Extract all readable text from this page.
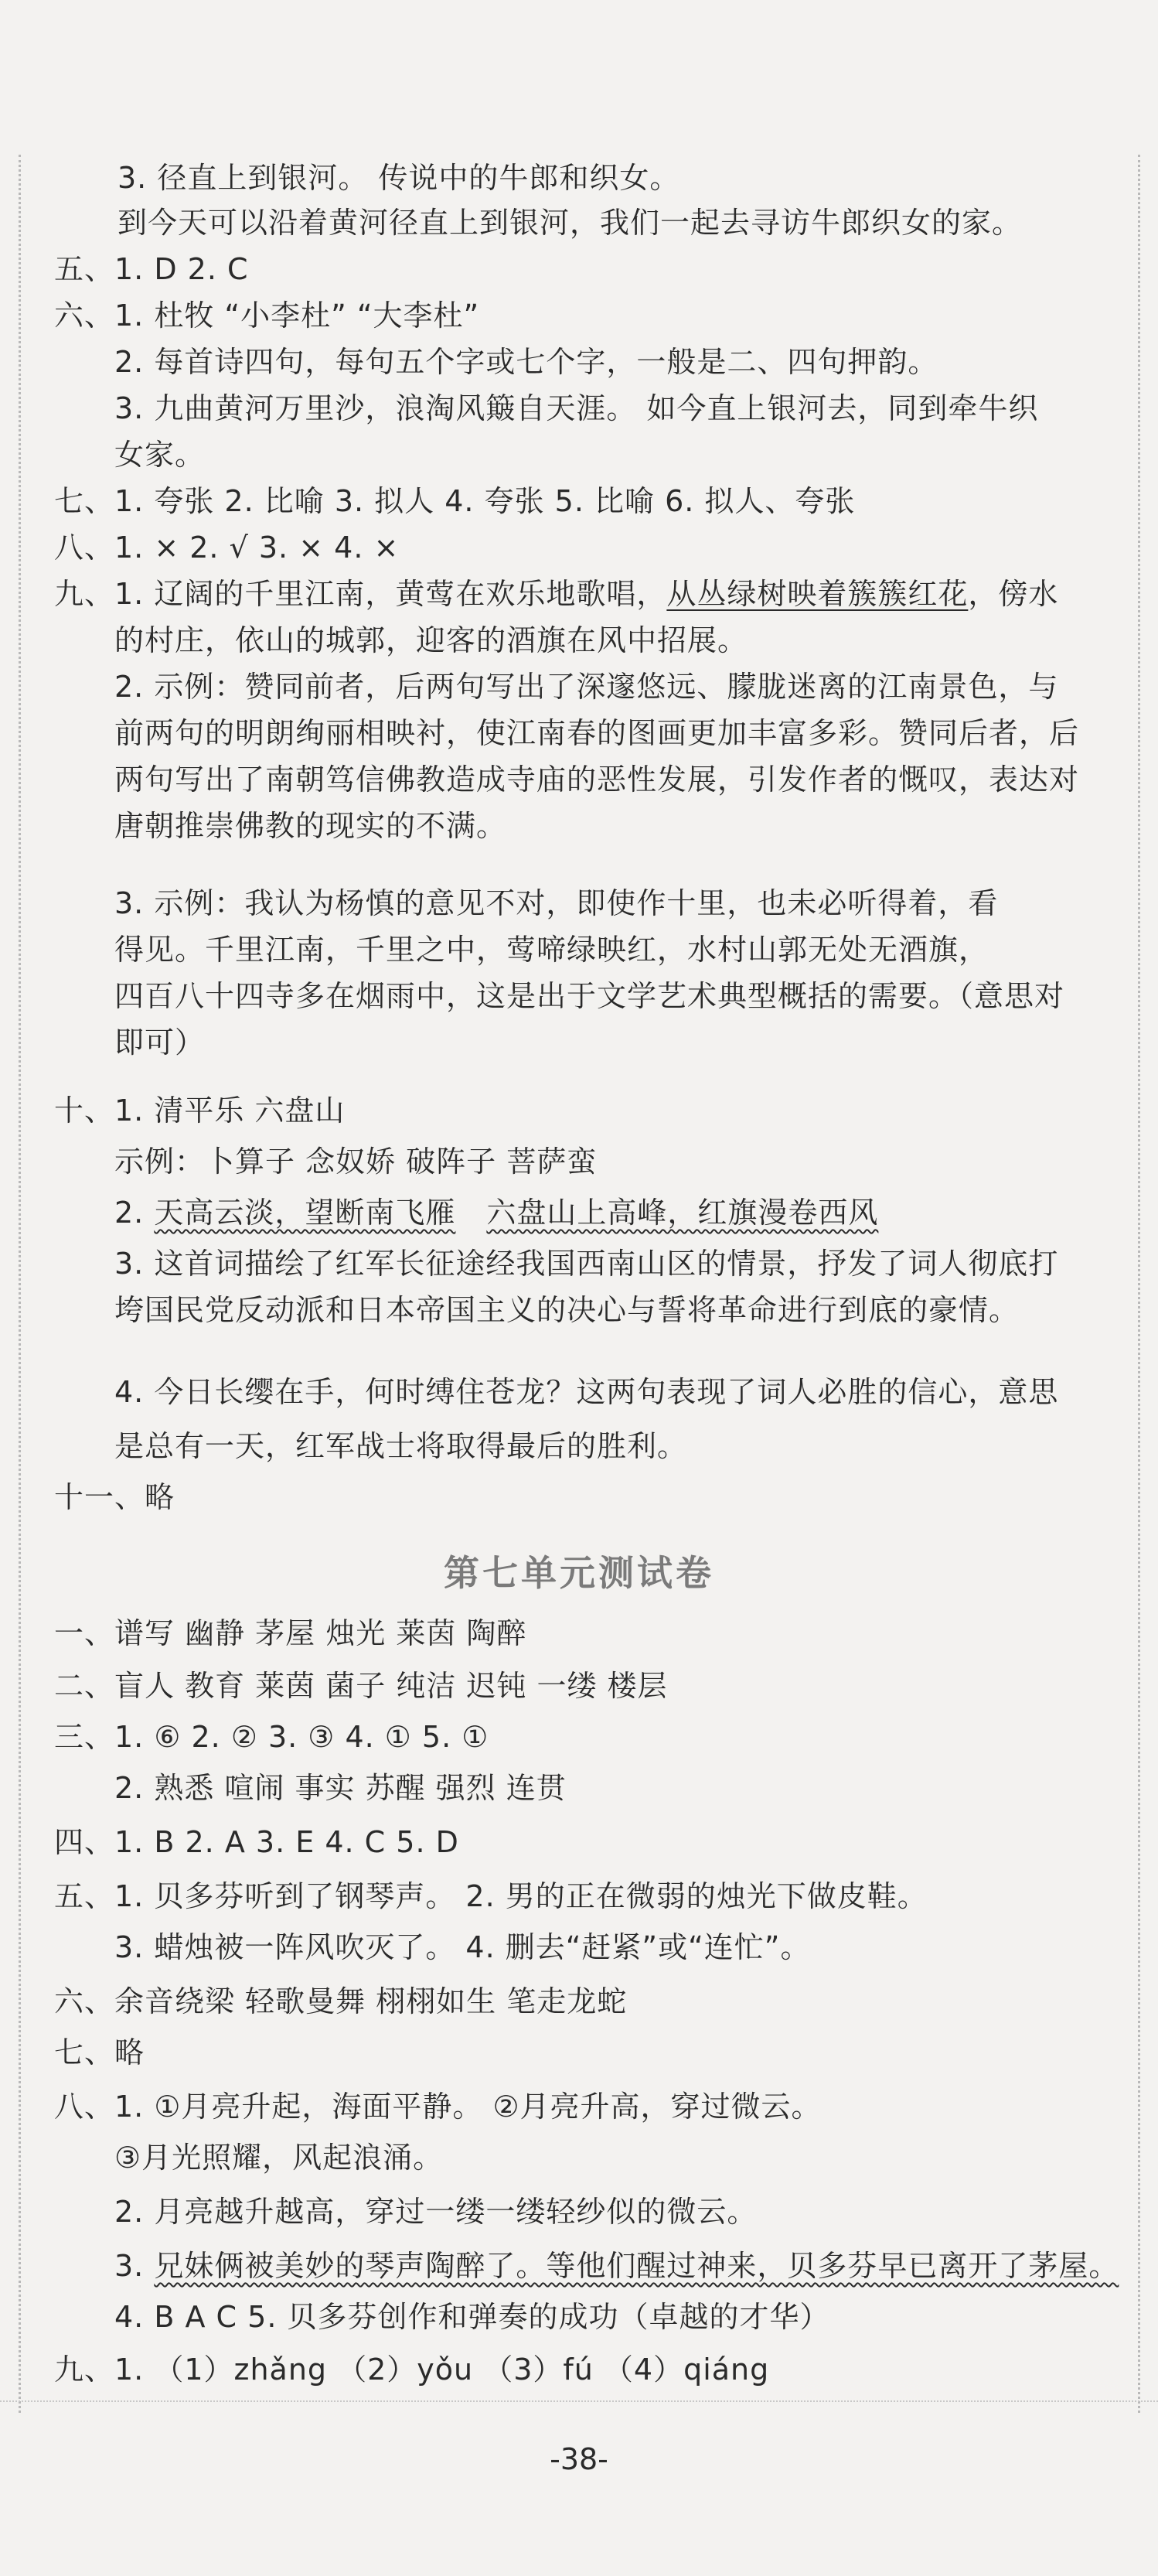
3. 径直上到银河。 传说中的牛郎和织女。
到今天可以沿着黄河径直上到银河，我们一起去寻访牛郎织女的家。
五、1. D 2. C
六、1. 杜牧 “小李杜” “大李杜”
2. 每首诗四句，每句五个字或七个字，一般是二、四句押韵。
3. 九曲黄河万里沙，浪淘风簸自天涯。 如今直上银河去，同到牵牛织
女家。
七、1. 夸张 2. 比喻 3. 拟人 4. 夸张 5. 比喻 6. 拟人、夸张
八、1. × 2. √ 3. × 4. ×
九、1. 辽阔的千里江南，黄莺在欢乐地歌唱，从丛绿树映着簇簇红花，傍水
的村庄，依山的城郭，迎客的酒旗在风中招展。
2. 示例：赞同前者，后两句写出了深邃悠远、朦胧迷离的江南景色，与
前两句的明朗绚丽相映衬，使江南春的图画更加丰富多彩。赞同后者，后
两句写出了南朝笃信佛教造成寺庙的恶性发展，引发作者的慨叹，表达对
唐朝推崇佛教的现实的不满。
3. 示例：我认为杨慎的意见不对，即使作十里，也未必听得着，看
得见。千里江南，千里之中，莺啼绿映红，水村山郭无处无酒旗，
四百八十四寺多在烟雨中，这是出于文学艺术典型概括的需要。（意思对
即可）
十、1. 清平乐 六盘山
示例：卜算子 念奴娇 破阵子 菩萨蛮
2. 天高云淡，望断南飞雁 六盘山上高峰，红旗漫卷西风
3. 这首词描绘了红军长征途经我国西南山区的情景，抒发了词人彻底打
垮国民党反动派和日本帝国主义的决心与誓将革命进行到底的豪情。
4. 今日长缨在手，何时缚住苍龙？这两句表现了词人必胜的信心，意思
是总有一天，红军战士将取得最后的胜利。
十一、略
第七单元测试卷
一、谱写 幽静 茅屋 烛光 莱茵 陶醉
二、盲人 教育 莱茵 菌子 纯洁 迟钝 一缕 楼层
三、1. ⑥ 2. ② 3. ③ 4. ① 5. ①
2. 熟悉 喧闹 事实 苏醒 强烈 连贯
四、1. B 2. A 3. E 4. C 5. D
五、1. 贝多芬听到了钢琴声。 2. 男的正在微弱的烛光下做皮鞋。
3. 蜡烛被一阵风吹灭了。 4. 删去“赶紧”或“连忙”。
六、余音绕梁 轻歌曼舞 栩栩如生 笔走龙蛇
七、略
八、1. ①月亮升起，海面平静。 ②月亮升高，穿过微云。
③月光照耀，风起浪涌。
2. 月亮越升越高，穿过一缕一缕轻纱似的微云。
3. 兄妹俩被美妙的琴声陶醉了。等他们醒过神来，贝多芬早已离开了茅屋。
4. B A C 5. 贝多芬创作和弹奏的成功（卓越的才华）
九、1. （1）zhǎng （2）yǒu （3）fú （4）qiáng
-38-
